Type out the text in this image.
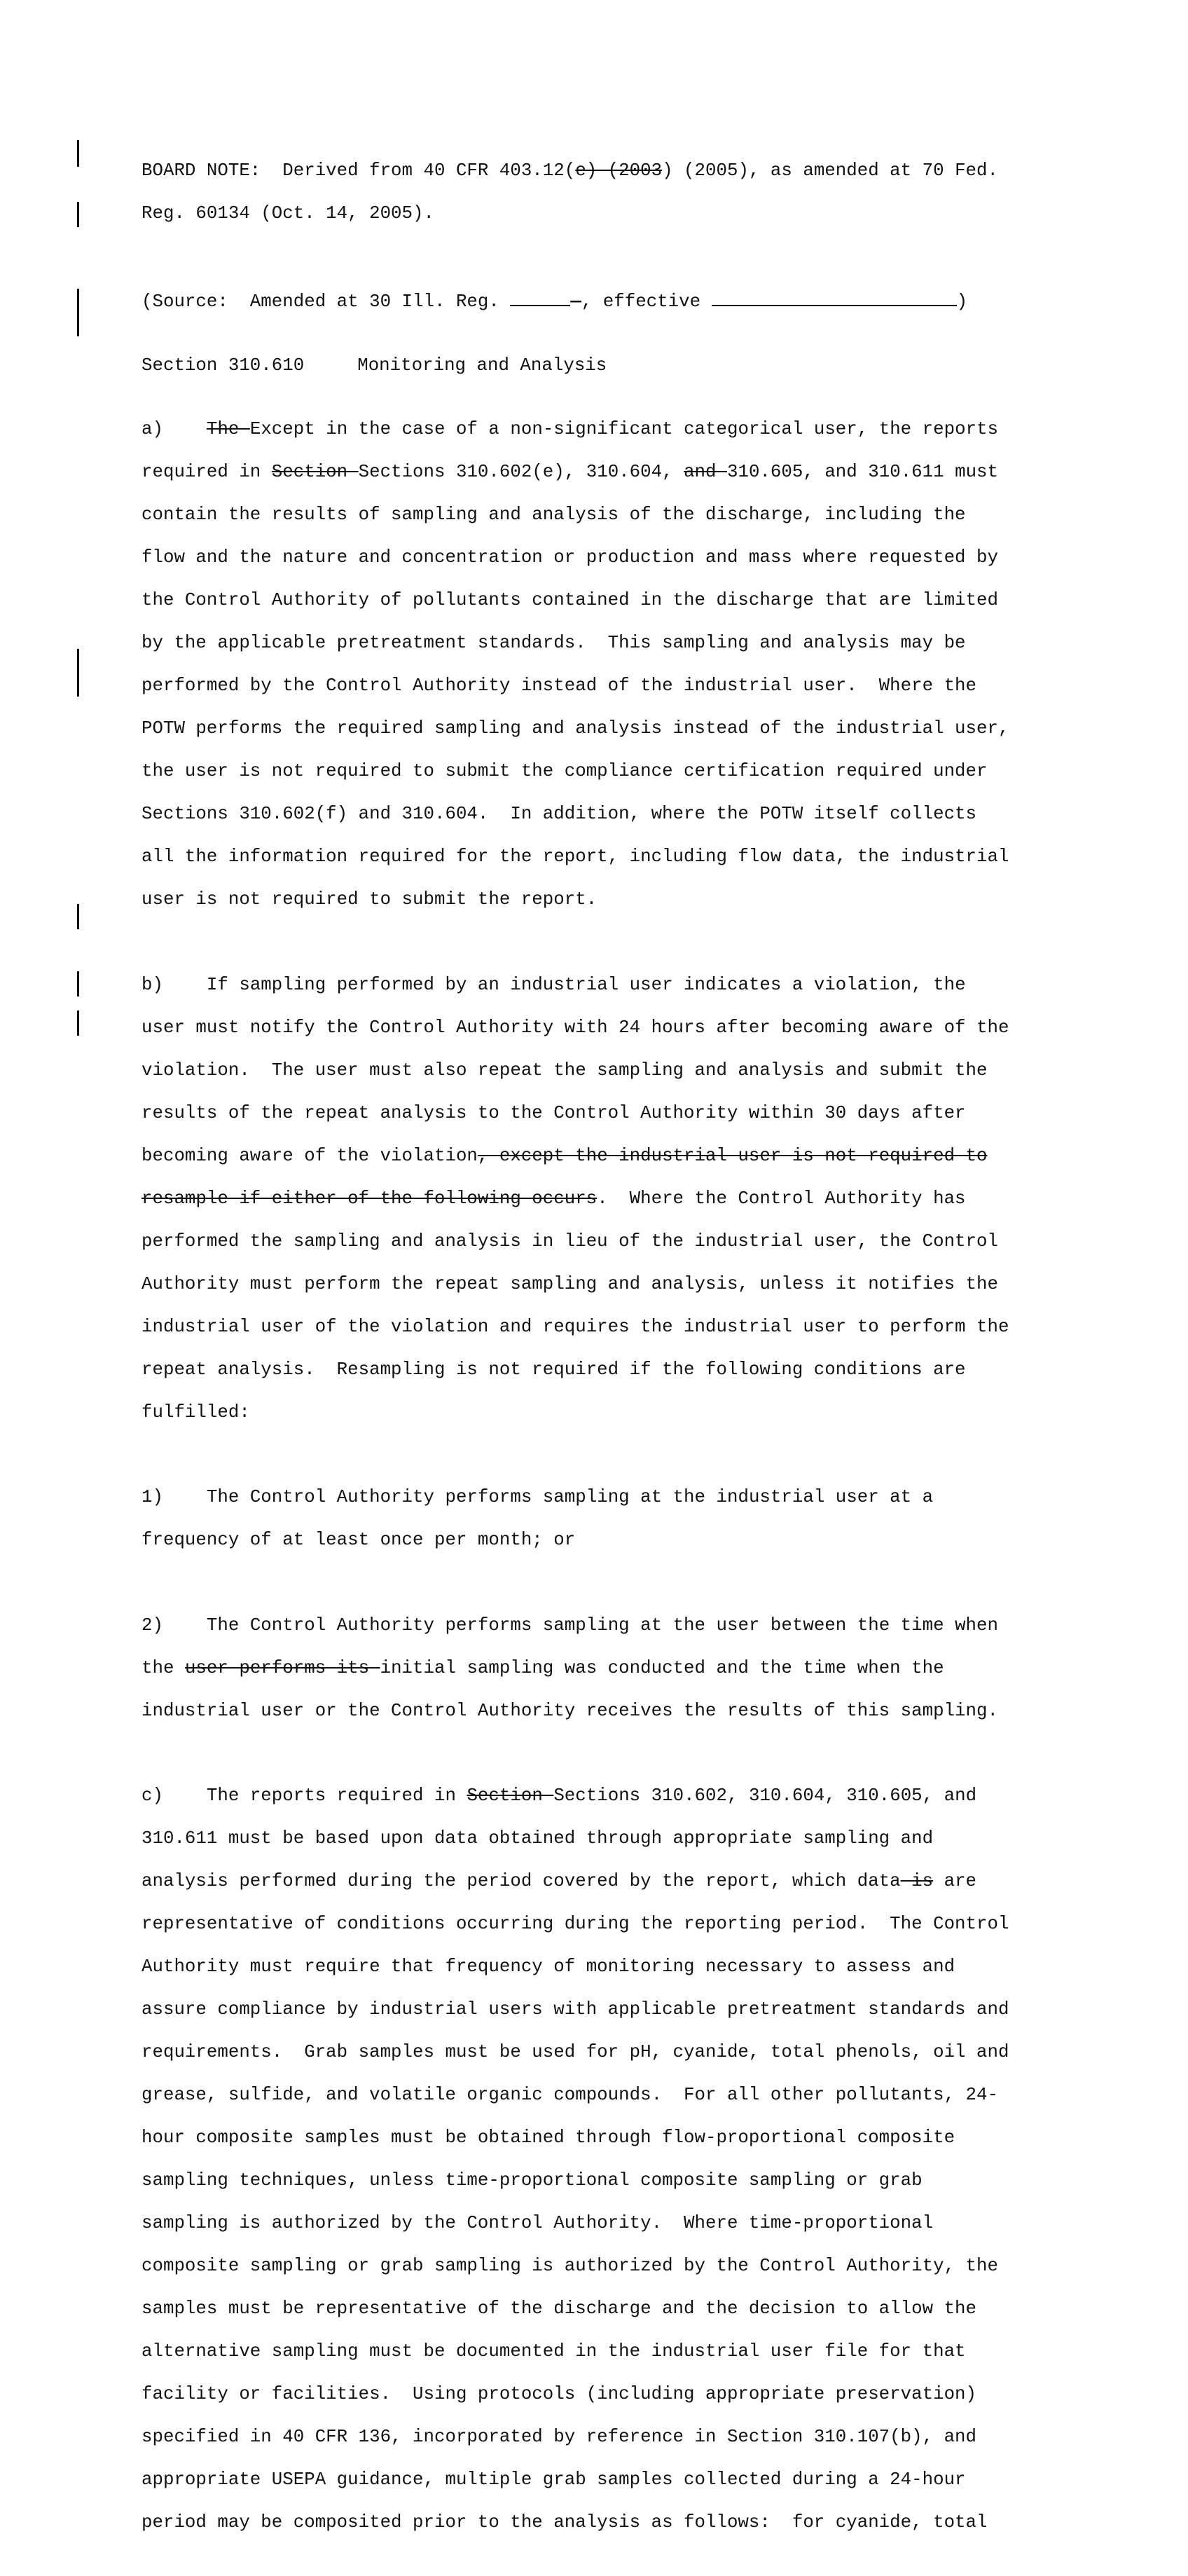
BOARD NOTE:  Derived from 40 CFR 403.12(e) (2003) (2005), as amended at 70 Fed.

Reg. 60134 (Oct. 14, 2005).

(Source:  Amended at 30 Ill. Reg.	—, effective	)

Section 310.610	Monitoring and Analysis

a) The Except in the case of a non-significant categorical user, the reports

required in Section Sections 310.602(e), 310.604, and 310.605, and 310.611 must

contain the results of sampling and analysis of the discharge, including the

flow and the nature and concentration or production and mass where requested by

the Control Authority of pollutants contained in the discharge that are limited

by the applicable pretreatment standards.  This sampling and analysis may be

performed by the Control Authority instead of the industrial user.  Where the

POTW performs the required sampling and analysis instead of the industrial user,

the user is not required to submit the compliance certification required under

Sections 310.602(f) and 310.604.  In addition, where the POTW itself collects

all the information required for the report, including flow data, the industrial

user is not required to submit the report.

b) If sampling performed by an industrial user indicates a violation, the

user must notify the Control Authority with 24 hours after becoming aware of the

violation.  The user must also repeat the sampling and analysis and submit the

results of the repeat analysis to the Control Authority within 30 days after

becoming aware of the violation, except the industrial user is not required to

resample if either of the following occurs.  Where the Control Authority has

performed the sampling and analysis in lieu of the industrial user, the Control

Authority must perform the repeat sampling and analysis, unless it notifies the

industrial user of the violation and requires the industrial user to perform the

repeat analysis.  Resampling is not required if the following conditions are

fulfilled:

1) The Control Authority performs sampling at the industrial user at a

frequency of at least once per month; or

2) The Control Authority performs sampling at the user between the time when

the user performs its initial sampling was conducted and the time when the

industrial user or the Control Authority receives the results of this sampling.

c) The reports required in Section Sections 310.602, 310.604, 310.605, and

310.611 must be based upon data obtained through appropriate sampling and

analysis performed during the period covered by the report, which data is are

representative of conditions occurring during the reporting period.  The Control

Authority must require that frequency of monitoring necessary to assess and

assure compliance by industrial users with applicable pretreatment standards and

requirements.  Grab samples must be used for pH, cyanide, total phenols, oil and

grease, sulfide, and volatile organic compounds.  For all other pollutants, 24-

hour composite samples must be obtained through flow-proportional composite

sampling techniques, unless time-proportional composite sampling or grab

sampling is authorized by the Control Authority.  Where time-proportional

composite sampling or grab sampling is authorized by the Control Authority, the

samples must be representative of the discharge and the decision to allow the

alternative sampling must be documented in the industrial user file for that

facility or facilities.  Using protocols (including appropriate preservation)

specified in 40 CFR 136, incorporated by reference in Section 310.107(b), and

appropriate USEPA guidance, multiple grab samples collected during a 24-hour

period may be composited prior to the analysis as follows:  for cyanide, total
